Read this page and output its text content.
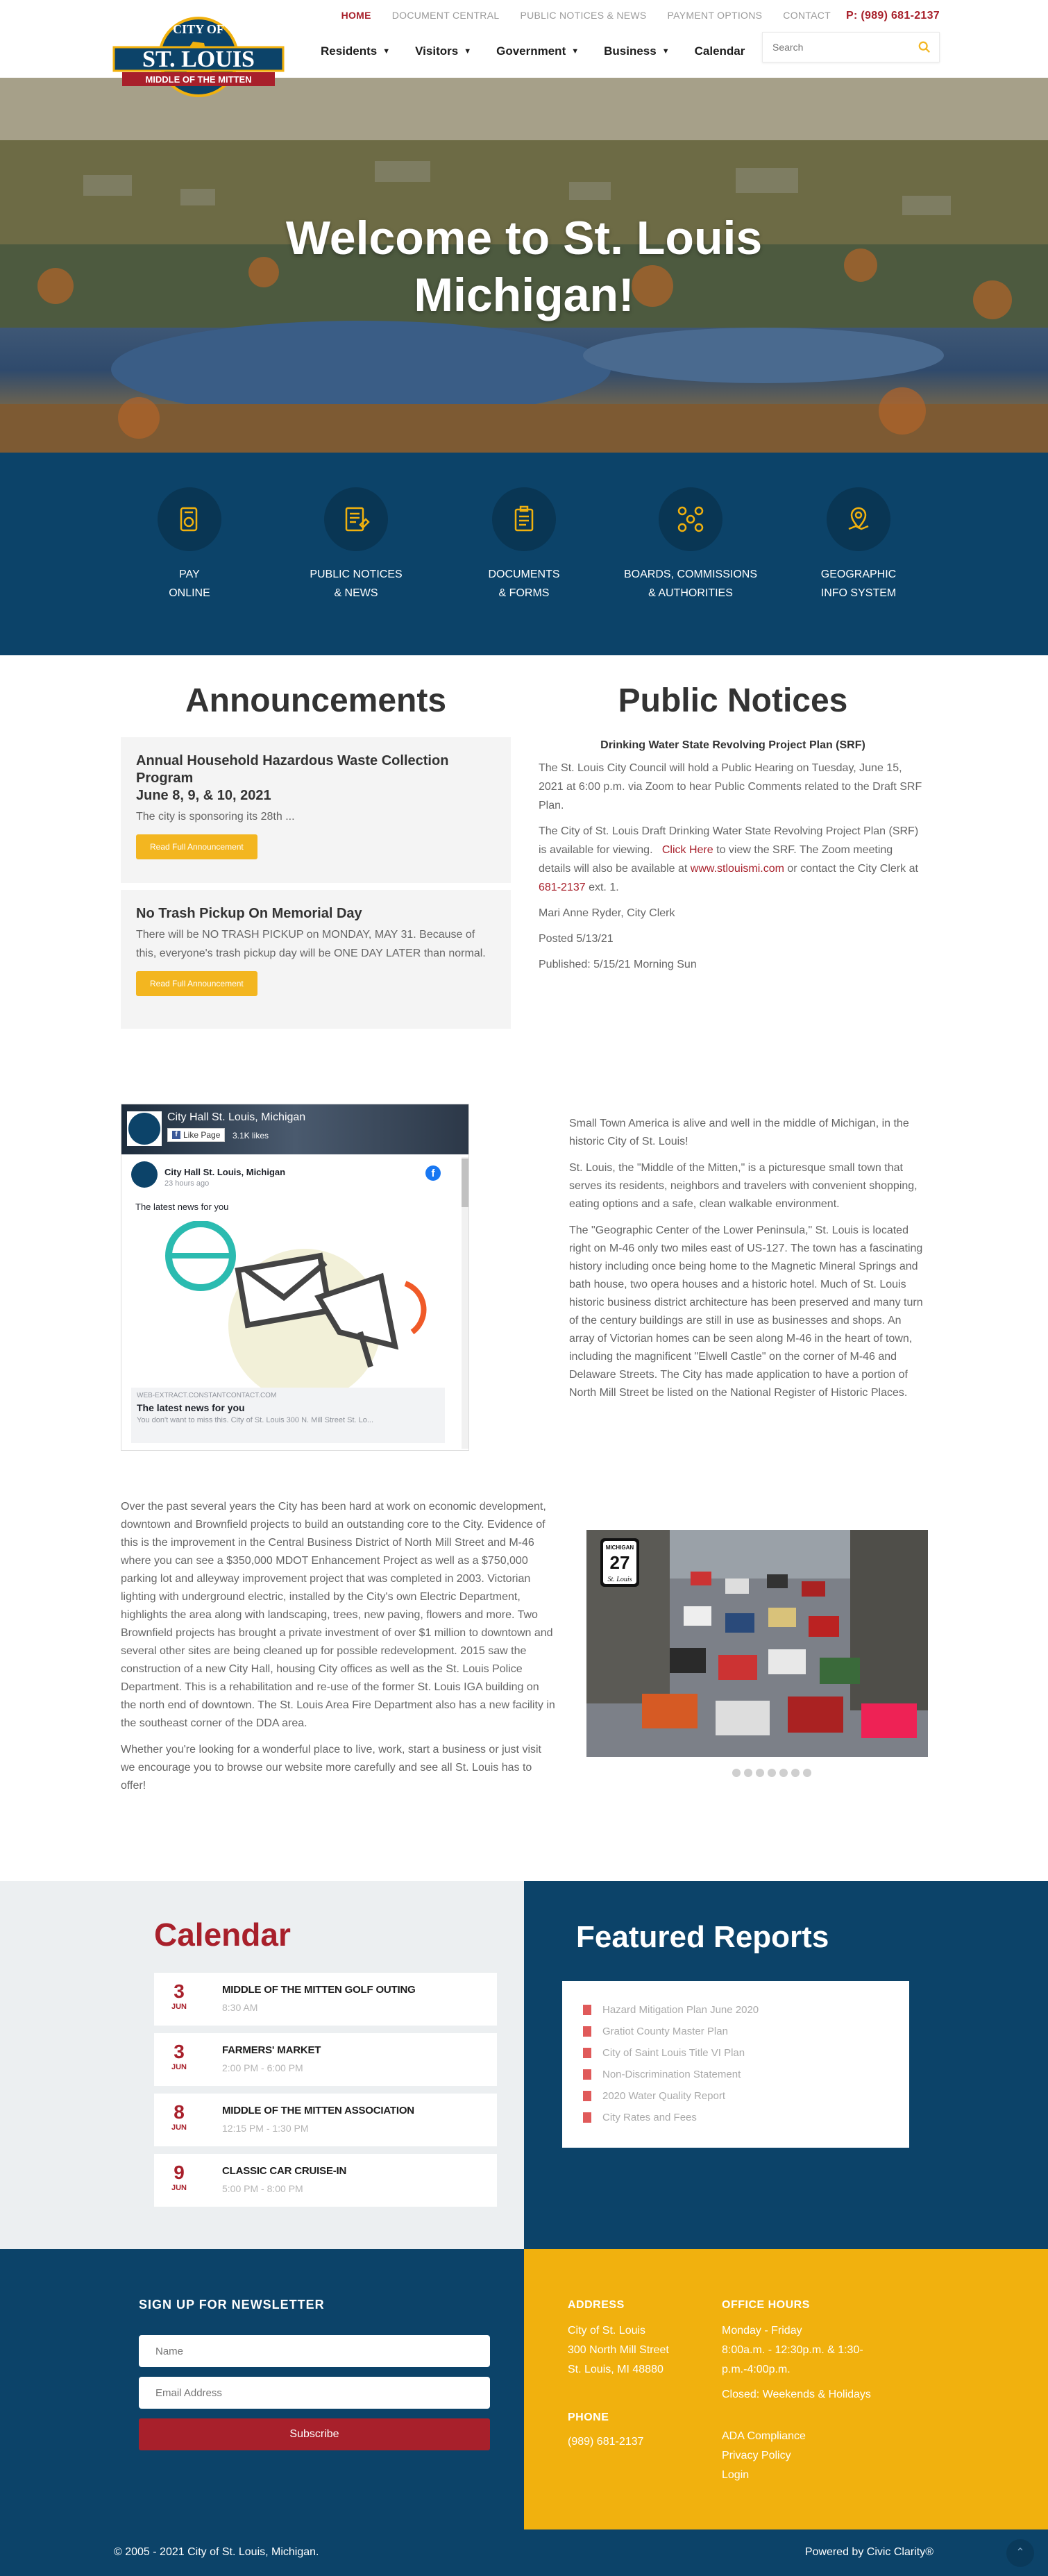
HOME DOCUMENT CENTRAL PUBLIC NOTICES & NEWS PAYMENT OPTIONS CONTACT P: (989) 681-2137
Residents ▼ Visitors ▼ Government ▼ Business ▼ Calendar
Search
CITY OF
ST. LOUIS
MIDDLE OF THE MITTEN
Welcome to St. Louis
Michigan!
PAY
ONLINE
PUBLIC NOTICES
& NEWS
DOCUMENTS
& FORMS
BOARDS, COMMISSIONS
& AUTHORITIES
GEOGRAPHIC
INFO SYSTEM
Announcements
Annual Household Hazardous Waste Collection Program
June 8, 9, & 10, 2021

The city is sponsoring its 28th ...

Read Full Announcement
No Trash Pickup On Memorial Day

There will be NO TRASH PICKUP on MONDAY, MAY 31. Because of this, everyone's trash pickup day will be ONE DAY LATER than normal.

Read Full Announcement
Public Notices

Drinking Water State Revolving Project Plan (SRF)

The St. Louis City Council will hold a Public Hearing on Tuesday, June 15, 2021 at 6:00 p.m. via Zoom to hear Public Comments related to the Draft SRF Plan.

The City of St. Louis Draft Drinking Water State Revolving Project Plan (SRF) is available for viewing. Click Here to view the SRF. The Zoom meeting details will also be available at www.stlouismi.com or contact the City Clerk at 681-2137 ext. 1.

Mari Anne Ryder, City Clerk

Posted 5/13/21

Published: 5/15/21 Morning Sun

City Hall St. Louis, Michigan
f Like Page 3.1K likes
City Hall St. Louis, Michigan
23 hours ago
f
The latest news for you
WEB-EXTRACT.CONSTANTCONTACT.COM
The latest news for you
You don't want to miss this. City of St. Louis 300 N. Mill Street St. Lo...

Small Town America is alive and well in the middle of Michigan, in the historic City of St. Louis!

St. Louis, the "Middle of the Mitten," is a picturesque small town that serves its residents, neighbors and travelers with convenient shopping, eating options and a safe, clean walkable environment.

The "Geographic Center of the Lower Peninsula," St. Louis is located right on M-46 only two miles east of US-127. The town has a fascinating history including once being home to the Magnetic Mineral Springs and bath house, two opera houses and a historic hotel. Much of St. Louis historic business district architecture has been preserved and many turn of the century buildings are still in use as businesses and shops. An array of Victorian homes can be seen along M-46 in the heart of town, including the magnificent "Elwell Castle" on the corner of M-46 and Delaware Streets. The City has made application to have a portion of North Mill Street be listed on the National Register of Historic Places.

Over the past several years the City has been hard at work on economic development, downtown and Brownfield projects to build an outstanding core to the City. Evidence of this is the improvement in the Central Business District of North Mill Street and M-46 where you can see a $350,000 MDOT Enhancement Project as well as a $750,000 parking lot and alleyway improvement project that was completed in 2003. Victorian lighting with underground electric, installed by the City's own Electric Department, highlights the area along with landscaping, trees, new paving, flowers and more. Two Brownfield projects has brought a private investment of over $1 million to downtown and several other sites are being cleaned up for possible redevelopment. 2015 saw the construction of a new City Hall, housing City offices as well as the St. Louis Police Department. This is a rehabilitation and re-use of the former St. Louis IGA building on the north end of downtown. The St. Louis Area Fire Department also has a new facility in the southeast corner of the DDA area.

Whether you're looking for a wonderful place to live, work, start a business or just visit we encourage you to browse our website more carefully and see all St. Louis has to offer!

MICHIGAN
27
St. Louis
Calendar
3
JUN
MIDDLE OF THE MITTEN GOLF OUTING
8:30 AM
3
JUN
FARMERS' MARKET
2:00 PM - 6:00 PM
8
JUN
MIDDLE OF THE MITTEN ASSOCIATION
12:15 PM - 1:30 PM
9
JUN
CLASSIC CAR CRUISE-IN
5:00 PM - 8:00 PM
Featured Reports
Hazard Mitigation Plan June 2020
Gratiot County Master Plan
City of Saint Louis Title VI Plan
Non-Discrimination Statement
2020 Water Quality Report
City Rates and Fees
SIGN UP FOR NEWSLETTER
Name
Email Address
Subscribe
ADDRESS
City of St. Louis
300 North Mill Street
St. Louis, MI 48880
PHONE
(989) 681-2137
OFFICE HOURS
Monday - Friday
8:00a.m. - 12:30p.m. & 1:30-
p.m.-4:00p.m.
Closed: Weekends & Holidays
ADA Compliance
Privacy Policy
Login
© 2005 - 2021 City of St. Louis, Michigan.	Powered by Civic Clarity®	⌃
